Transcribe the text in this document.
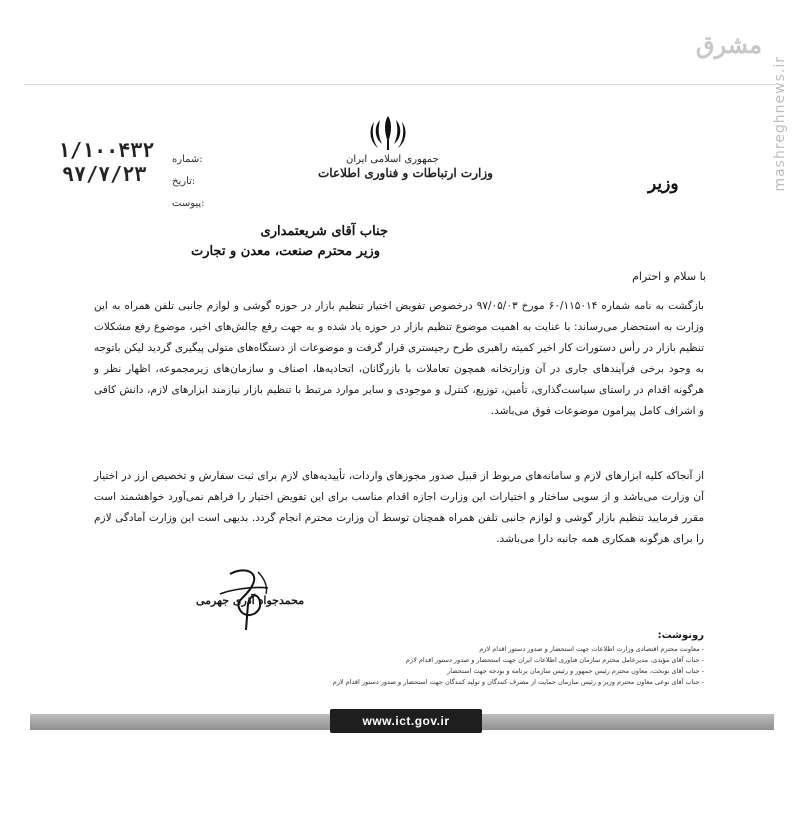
مشرق
mashreghnews.ir
جمهوری اسلامی ایران
وزارت ارتباطات و فناوری اطلاعات
۱/۱۰۰۴۳۲
۹۷/۷/۲۳
شماره:
تاریخ:
پیوست:
وزیر
جناب آقای شریعتمداری
وزیر محترم صنعت، معدن و تجارت
با سلام و احترام
بازگشت به نامه شماره ۶۰/۱۱۵۰۱۴ مورخ ۹۷/۰۵/۰۳ درخصوص تفویض اختیار تنظیم بازار در حوزه گوشی و لوازم جانبی تلفن همراه به این وزارت به استحضار می‌رساند: با عنایت به اهمیت موضوع تنظیم بازار در حوزه یاد شده و به جهت رفع چالش‌های اخیر، موضوع رفع مشکلات تنظیم بازار در رأس دستورات کار اخیر کمیته راهبری طرح رجیستری قرار گرفت و موضوعات از دستگاه‌های متولی پیگیری گردید لیکن باتوجه به وجود برخی فرآیندهای جاری در آن وزارتخانه همچون تعاملات با بازرگانان، اتحادیه‌ها، اصناف و سازمان‌های زیرمجموعه، اظهار نظر و هرگونه اقدام در راستای سیاست‌گذاری، تأمین، توزیع، کنترل و موجودی و سایر موارد مرتبط با تنظیم بازار نیازمند ابزارهای لازم، دانش کافی و اشراف کامل پیرامون موضوعات فوق می‌باشد.
از آنجاکه کلیه ابزارهای لازم و سامانه‌های مربوط از قبیل صدور مجوزهای واردات، تأییدیه‌های لازم برای ثبت سفارش و تخصیص ارز در اختیار آن وزارت می‌باشد و از سویی ساختار و اختیارات این وزارت اجازه اقدام مناسب برای این تفویض اختیار را فراهم نمی‌آورد خواهشمند است مقرر فرمایید تنظیم بازار گوشی و لوازم جانبی تلفن همراه همچنان توسط آن وزارت محترم انجام گردد. بدیهی است این وزارت آمادگی لازم را برای هرگونه همکاری همه جانبه دارا می‌باشد.
محمدجواد آذری جهرمی
رونوشت:
- معاونت محترم اقتصادی وزارت اطلاعات جهت استحضار و صدور دستور اقدام لازم
- جناب آقای مؤیدی، مدیرعامل محترم سازمان فناوری اطلاعات ایران جهت استحضار و صدور دستور اقدام لازم
- جناب آقای نوبخت، معاون محترم رئیس جمهور و رئیس سازمان برنامه و بودجه جهت استحضار
- جناب آقای نوعی معاون محترم وزیر و رئیس سازمان حمایت از مصرف کنندگان و تولید کنندگان جهت استحضار و صدور دستور اقدام لازم
www.ict.gov.ir
